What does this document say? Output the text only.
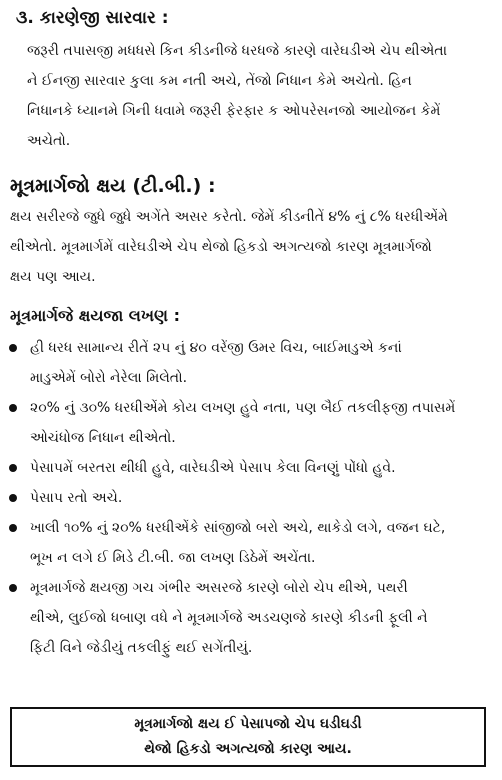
૩. કારણેજી સારવાર :
જરૂરી તપાસજી મધધસે કિન કીડનીજે ધરધજે કારણે વારેઘડીએ ચેપ થીએતા
ને ઈનજી સારવાર કુલા કમ નતી અચે, તેંજો નિધાન કેમે અચેતો. હિન
નિધાનકે ધ્યાનમે ગિની ધવામે જરૂરી ફેરફાર ક ઓપરેસનજો આયોજન કેમેં
અચેતો.
મૂત્રમાર્ગજો ક્ષય (ટી.બી.) :
ક્ષય સરીરજે જુધે જુધે અગેંતે અસર કરેતો. જેમેં કીડનીતેં ૪% નું ૮% ધરધીએંમે
થીએતો. મૂત્રમાર્ગમેં વારેઘડીએ ચેપ થેજો હિકડો અગત્યજો કારણ મૂત્રમાર્ગજો
ક્ષય પણ આય.
મૂત્રમાર્ગજે ક્ષયજા લખણ :
હી ધરધ સામાન્ય રીતેં ૨૫ નું ૪૦ વરેંજી ઉમર વિચ, બાઈમાડુએ કનાં
માડુએમેં બોરો નેરેલા મિલેતો.
૨૦% નું ૩૦% ધરધીએંમે કોય લખણ હુવે નતા, પણ બૈઈ તકલીફજી તપાસમેં
ઓચંધોજ નિધાન થીએતો.
પેસાપમેં બરતરા થીધી હુવે, વારેઘડીએ પેસાપ કેલા વિનણું પોંધો હુવે.
પેસાપ રતો અચે.
ખાલી ૧૦% નું ૨૦% ધરધીએંકે સાંજીજો બરો અચે, થાકેડો લગે, વજન ઘટે,
ભૂખ ન લગે ઈ મિડે ટી.બી. જા લખણ ડિઠેમેં અચેંતા.
મૂત્રમાર્ગજે ક્ષયજી ગચ ગંભીર અસરજે કારણે બોરો ચેપ થીએ, પથરી
થીએ, લુઈજો ધબાણ વધે ને મૂત્રમાર્ગજે અડચણજે કારણે કીડની ફૂલી ને
ફિટી વિને જેડીયું તકલીફું થઈ સગેંતીયું.
મૂત્રમાર્ગજો ક્ષય ઈ પેસાપજો ચેપ ઘડીઘડી
થેજો હિકડો અગત્યજો કારણ આય.
